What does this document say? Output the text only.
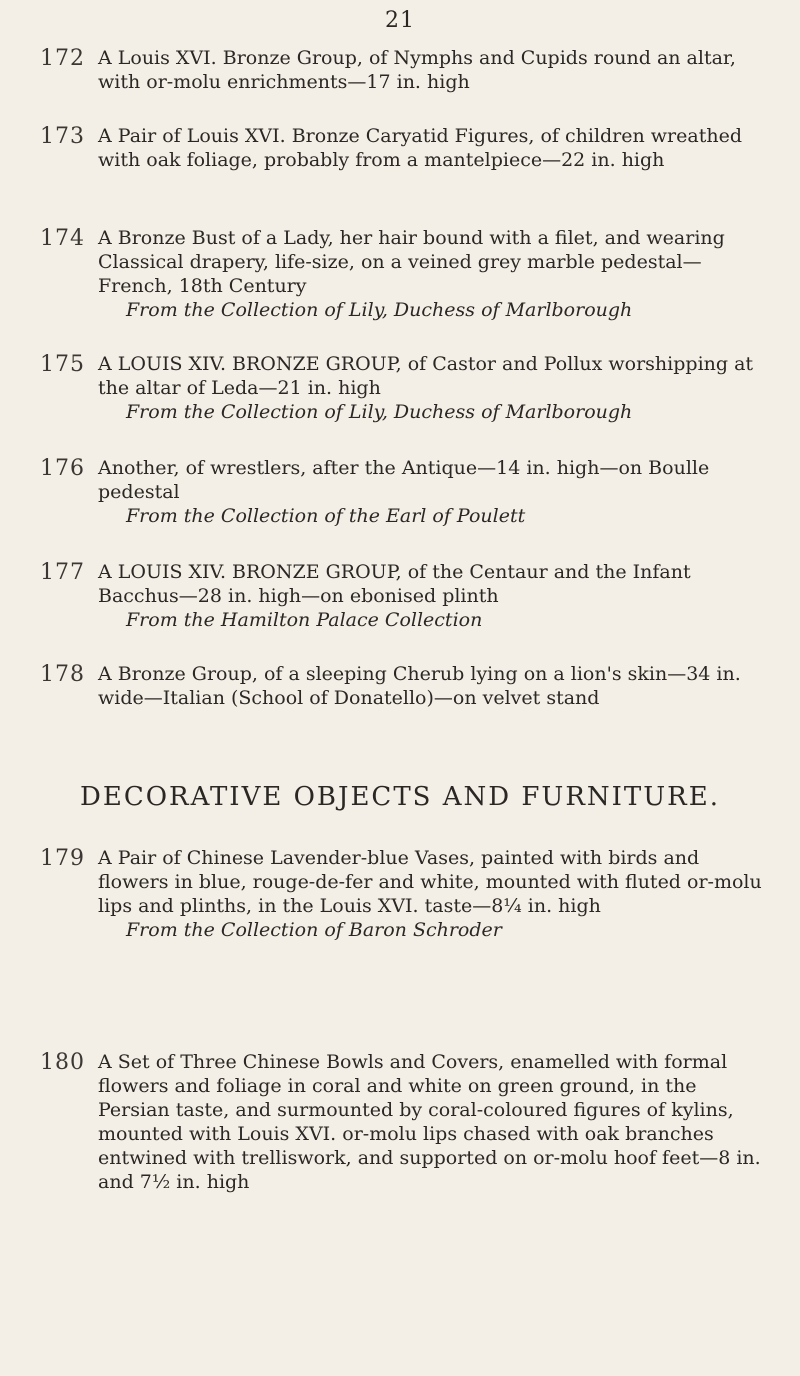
21
172 A Louis XVI. Bronze Group, of Nymphs and Cupids round an altar, with or-molu enrichments—17 in. high

173 A Pair of Louis XVI. Bronze Caryatid Figures, of children wreathed with oak foliage, probably from a mantelpiece—22 in. high

174 A Bronze Bust of a Lady, her hair bound with a filet, and wearing Classical drapery, life-size, on a veined grey marble pedestal—French, 18th Century

From the Collection of Lily, Duchess of Marlborough

175 A LOUIS XIV. BRONZE GROUP, of Castor and Pollux worshipping at the altar of Leda—21 in. high

From the Collection of Lily, Duchess of Marlborough

176 Another, of wrestlers, after the Antique—14 in. high—on Boulle pedestal

From the Collection of the Earl of Poulett

177 A LOUIS XIV. BRONZE GROUP, of the Centaur and the Infant Bacchus—28 in. high—on ebonised plinth

From the Hamilton Palace Collection

178 A Bronze Group, of a sleeping Cherub lying on a lion's skin—34 in. wide—Italian (School of Donatello)—on velvet stand

DECORATIVE OBJECTS AND FURNITURE.
179 A Pair of Chinese Lavender-blue Vases, painted with birds and flowers in blue, rouge-de-fer and white, mounted with fluted or-molu lips and plinths, in the Louis XVI. taste—8¼ in. high

From the Collection of Baron Schroder

180 A Set of Three Chinese Bowls and Covers, enamelled with formal flowers and foliage in coral and white on green ground, in the Persian taste, and surmounted by coral-coloured figures of kylins, mounted with Louis XVI. or-molu lips chased with oak branches entwined with trelliswork, and supported on or-molu hoof feet—8 in. and 7½ in. high
